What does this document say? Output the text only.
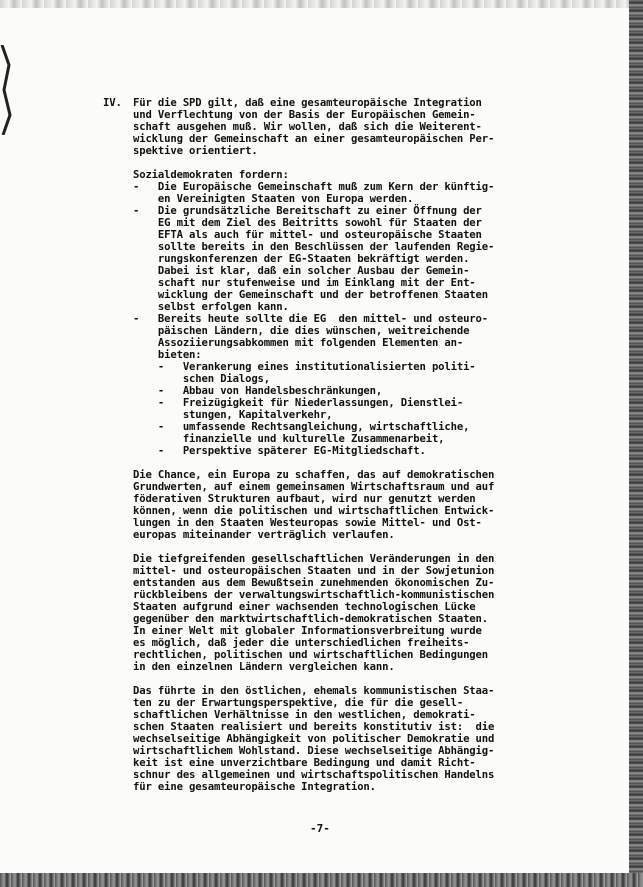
IV. Für die SPD gilt, daß eine gesamteuropäische Integration
und Verflechtung von der Basis der Europäischen Gemein-
schaft ausgehen muß. Wir wollen, daß sich die Weiterent-
wicklung der Gemeinschaft an einer gesamteuropäischen Per-
spektive orientiert.
Sozialdemokraten fordern:
-   Die Europäische Gemeinschaft muß zum Kern der künftig-
en Vereinigten Staaten von Europa werden.
-   Die grundsätzliche Bereitschaft zu einer Öffnung der
EG mit dem Ziel des Beitritts sowohl für Staaten der
EFTA als auch für mittel- und osteuropäische Staaten
sollte bereits in den Beschlüssen der laufenden Regie-
rungskonferenzen der EG-Staaten bekräftigt werden.
Dabei ist klar, daß ein solcher Ausbau der Gemein-
schaft nur stufenweise und im Einklang mit der Ent-
wicklung der Gemeinschaft und der betroffenen Staaten
selbst erfolgen kann.
-   Bereits heute sollte die EG  den mittel- und osteuro-
päischen Ländern, die dies wünschen, weitreichende
Assoziierungsabkommen mit folgenden Elementen an-
bieten:
-   Verankerung eines institutionalisierten politi-
schen Dialogs,
-   Abbau von Handelsbeschränkungen,
-   Freizügigkeit für Niederlassungen, Dienstlei-
stungen, Kapitalverkehr,
-   umfassende Rechtsangleichung, wirtschaftliche,
finanzielle und kulturelle Zusammenarbeit,
-   Perspektive späterer EG-Mitgliedschaft.
Die Chance, ein Europa zu schaffen, das auf demokratischen
Grundwerten, auf einem gemeinsamen Wirtschaftsraum und auf
föderativen Strukturen aufbaut, wird nur genutzt werden
können, wenn die politischen und wirtschaftlichen Entwick-
lungen in den Staaten Westeuropas sowie Mittel- und Ost-
europas miteinander verträglich verlaufen.
Die tiefgreifenden gesellschaftlichen Veränderungen in den
mittel- und osteuropäischen Staaten und in der Sowjetunion
entstanden aus dem Bewußtsein zunehmenden ökonomischen Zu-
rückbleibens der verwaltungswirtschaftlich-kommunistischen
Staaten aufgrund einer wachsenden technologischen Lücke
gegenüber den marktwirtschaftlich-demokratischen Staaten.
In einer Welt mit globaler Informationsverbreitung wurde
es möglich, daß jeder die unterschiedlichen freiheits-
rechtlichen, politischen und wirtschaftlichen Bedingungen
in den einzelnen Ländern vergleichen kann.
Das führte in den östlichen, ehemals kommunistischen Staa-
ten zu der Erwartungsperspektive, die für die gesell-
schaftlichen Verhältnisse in den westlichen, demokrati-
schen Staaten realisiert und bereits konstitutiv ist:  die
wechselseitige Abhängigkeit von politischer Demokratie und
wirtschaftlichem Wohlstand. Diese wechselseitige Abhängig-
keit ist eine unverzichtbare Bedingung und damit Richt-
schnur des allgemeinen und wirtschaftspolitischen Handelns
für eine gesamteuropäische Integration.
-7-
